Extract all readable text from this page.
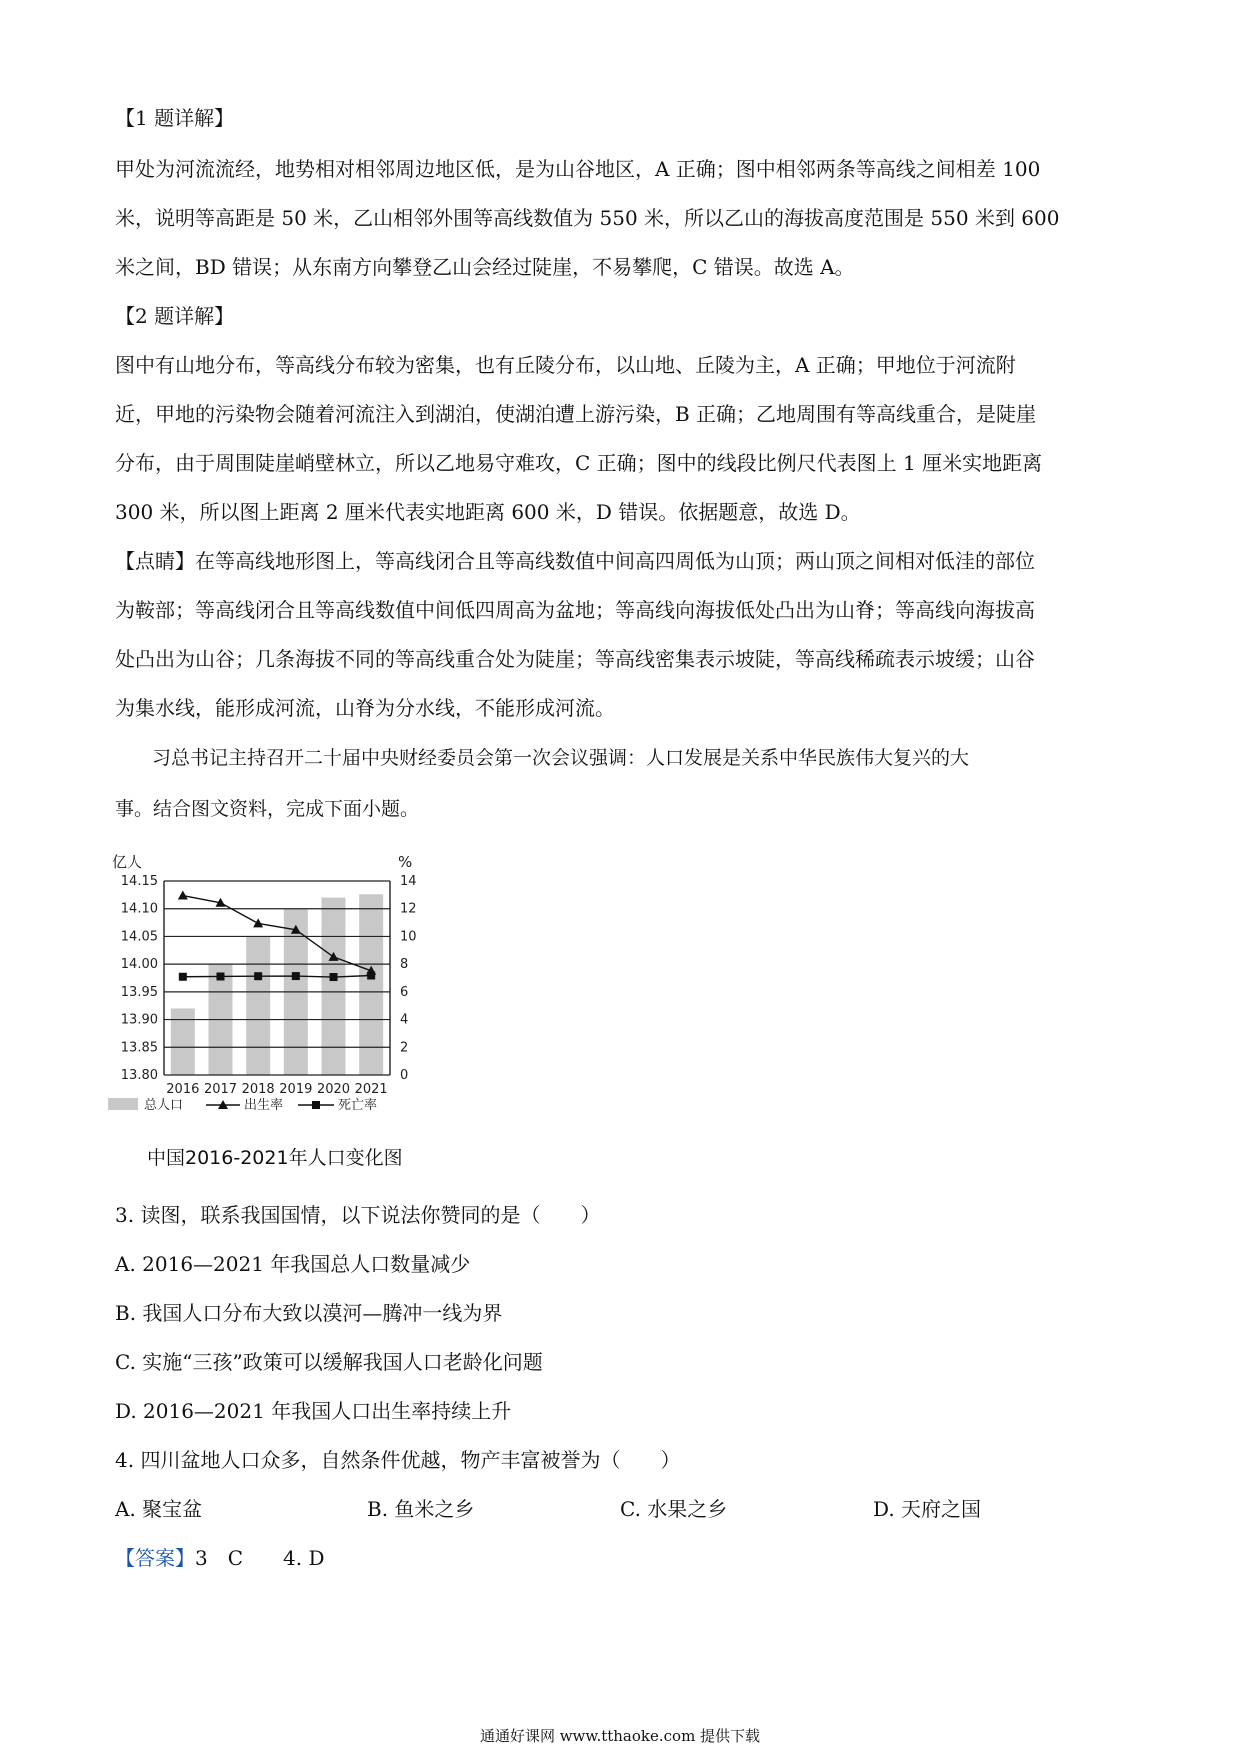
【1 题详解】
甲处为河流流经，地势相对相邻周边地区低，是为山谷地区，A 正确；图中相邻两条等高线之间相差 100
米，说明等高距是 50 米，乙山相邻外围等高线数值为 550 米，所以乙山的海拔高度范围是 550 米到 600
米之间，BD 错误；从东南方向攀登乙山会经过陡崖，不易攀爬，C 错误。故选 A。
【2 题详解】
图中有山地分布，等高线分布较为密集，也有丘陵分布，以山地、丘陵为主，A 正确；甲地位于河流附
近，甲地的污染物会随着河流注入到湖泊，使湖泊遭上游污染，B 正确；乙地周围有等高线重合，是陡崖
分布，由于周围陡崖峭壁林立，所以乙地易守难攻，C 正确；图中的线段比例尺代表图上 1 厘米实地距离
300 米，所以图上距离 2 厘米代表实地距离 600 米，D 错误。依据题意，故选 D。
【点睛】在等高线地形图上，等高线闭合且等高线数值中间高四周低为山顶；两山顶之间相对低洼的部位
为鞍部；等高线闭合且等高线数值中间低四周高为盆地；等高线向海拔低处凸出为山脊；等高线向海拔高
处凸出为山谷；几条海拔不同的等高线重合处为陡崖；等高线密集表示坡陡，等高线稀疏表示坡缓；山谷
为集水线，能形成河流，山脊为分水线，不能形成河流。
习总书记主持召开二十届中央财经委员会第一次会议强调：人口发展是关系中华民族伟大复兴的大
事。结合图文资料，完成下面小题。
14.15	14
14.10	12
14.05	10
14.00	8
13.95	6
13.90	4
13.85	2
13.80	0
亿人	%
2016 2017 2018 2019 2020 2021
总人口	出生率	死亡率
中国2016-2021年人口变化图
3. 读图，联系我国国情，以下说法你赞同的是（　　）
A. 2016—2021 年我国总人口数量减少
B. 我国人口分布大致以漠河—腾冲一线为界
C. 实施“三孩”政策可以缓解我国人口老龄化问题
D. 2016—2021 年我国人口出生率持续上升
4. 四川盆地人口众多，自然条件优越，物产丰富被誉为（　　）
A. 聚宝盆	B. 鱼米之乡	C. 水果之乡	D. 天府之国
【答案】3　C　　4. D
通通好课网 www.tthaoke.com 提供下载
